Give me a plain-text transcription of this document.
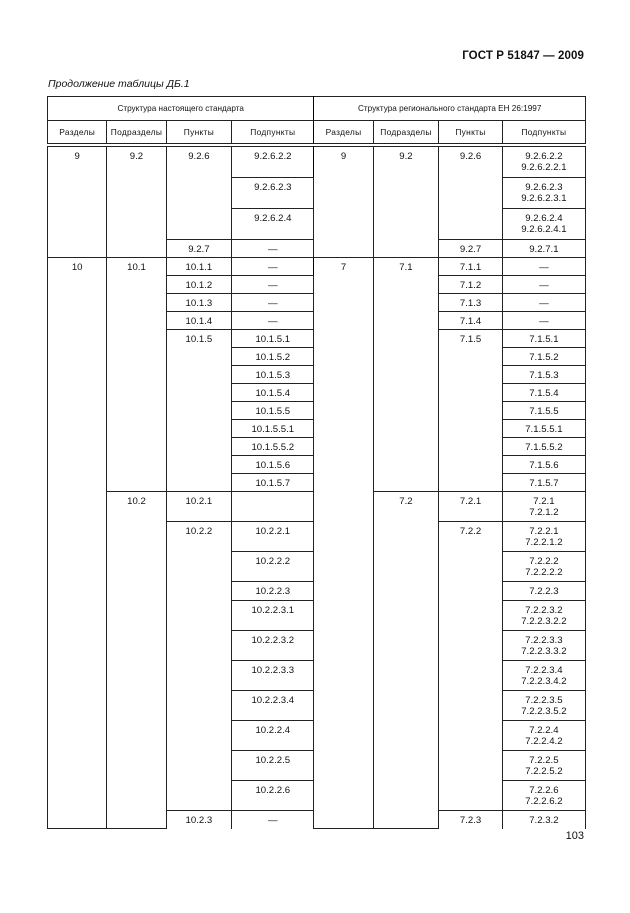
ГОСТ Р 51847 — 2009
Продолжение таблицы ДБ.1
Структура настоящего стандарта				Структура регионального стандарта ЕН 26:1997			
Разделы	Подразделы	Пункты	Подпункты	Разделы	Подразделы	Пункты	Подпункты

9	9.2	9.2.6	9.2.6.2.2	9	9.2	9.2.6	9.2.6.2.2
9.2.6.2.2.1

			9.2.6.2.3				9.2.6.2.3
9.2.6.2.3.1

			9.2.6.2.4				9.2.6.2.4
9.2.6.2.4.1

		9.2.7	—			9.2.7	9.2.7.1
10	10.1	10.1.1	—	7	7.1	7.1.1	—
		10.1.2	—			7.1.2	—
		10.1.3	—			7.1.3	—
		10.1.4	—			7.1.4	—
		10.1.5	10.1.5.1			7.1.5	7.1.5.1
			10.1.5.2				7.1.5.2
			10.1.5.3				7.1.5.3
			10.1.5.4				7.1.5.4
			10.1.5.5				7.1.5.5
			10.1.5.5.1				7.1.5.5.1
			10.1.5.5.2				7.1.5.5.2
			10.1.5.6				7.1.5.6
			10.1.5.7				7.1.5.7
	10.2	10.2.1			7.2	7.2.1	7.2.1
7.2.1.2

		10.2.2	10.2.2.1			7.2.2	7.2.2.1
7.2.2.1.2

			10.2.2.2				7.2.2.2
7.2.2.2.2

			10.2.2.3				7.2.2.3
			10.2.2.3.1				7.2.2.3.2
7.2.2.3.2.2

			10.2.2.3.2				7.2.2.3.3
7.2.2.3.3.2

			10.2.2.3.3				7.2.2.3.4
7.2.2.3.4.2

			10.2.2.3.4				7.2.2.3.5
7.2.2.3.5.2

			10.2.2.4				7.2.2.4
7.2.2.4.2

			10.2.2.5				7.2.2.5
7.2.2.5.2

			10.2.2.6				7.2.2.6
7.2.2.6.2

		10.2.3	—			7.2.3	7.2.3.2
103
